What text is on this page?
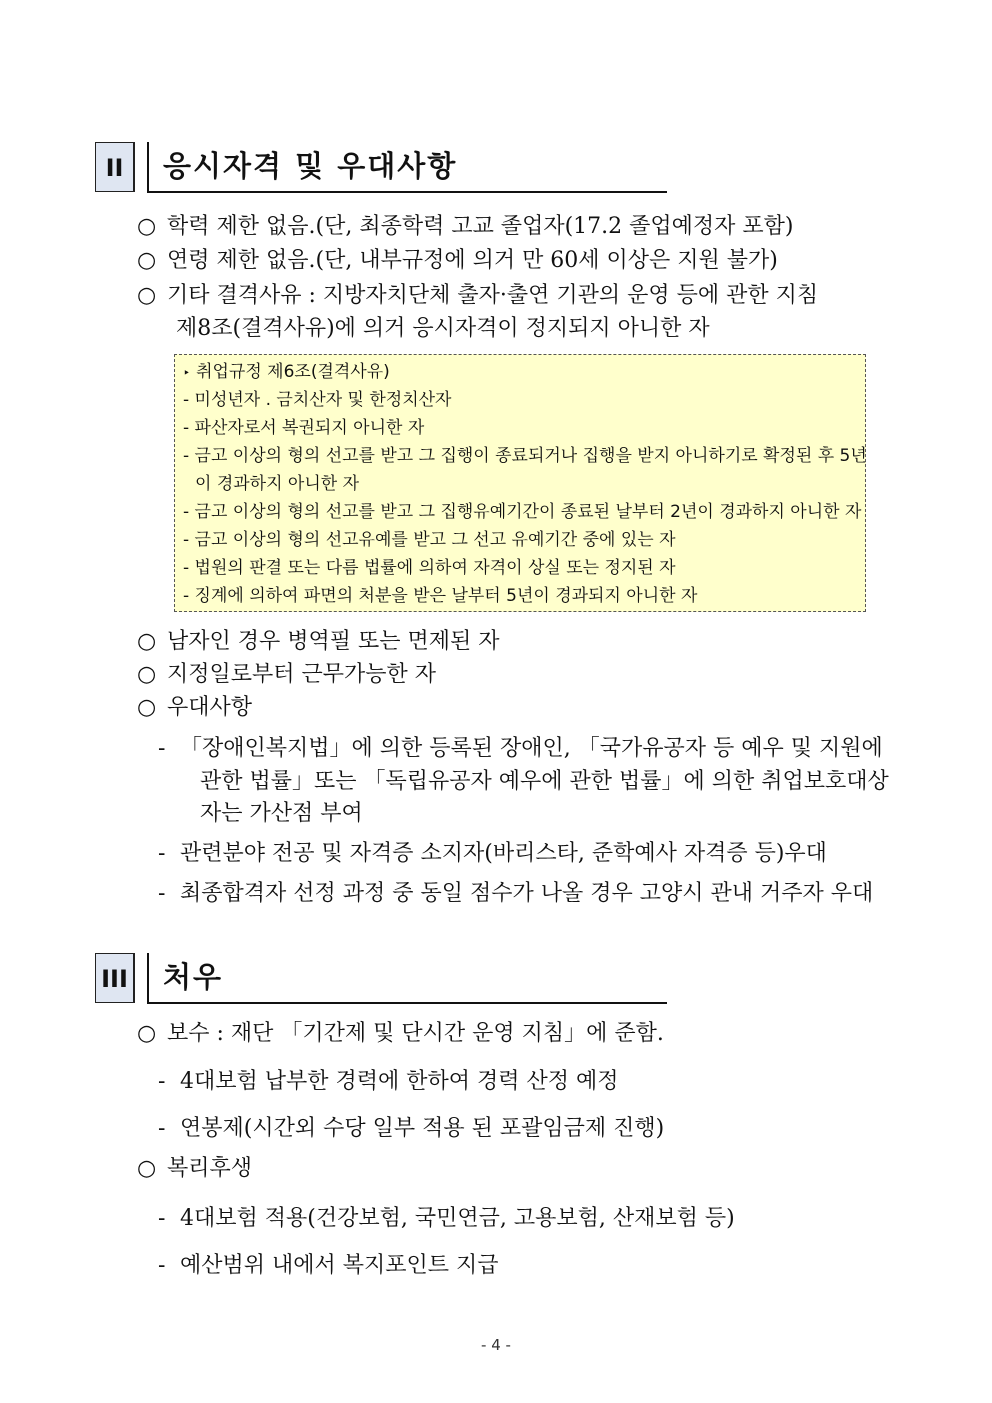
II	응시자격 및 우대사항
○ 학력 제한 없음.(단, 최종학력 고교 졸업자(17.2 졸업예정자 포함)
○ 연령 제한 없음.(단, 내부규정에 의거 만 60세 이상은 지원 불가)
○ 기타 결격사유 : 지방자치단체 출자·출연 기관의 운영 등에 관한 지침
제8조(결격사유)에 의거 응시자격이 정지되지 아니한 자
‣ 취업규정 제6조(결격사유)
- 미성년자 . 금치산자 및 한정치산자
- 파산자로서 복권되지 아니한 자
- 금고 이상의 형의 선고를 받고 그 집행이 종료되거나 집행을 받지 아니하기로 확정된 후 5년
이 경과하지 아니한 자
- 금고 이상의 형의 선고를 받고 그 집행유예기간이 종료된 날부터 2년이 경과하지 아니한 자
- 금고 이상의 형의 선고유예를 받고 그 선고 유예기간 중에 있는 자
- 법원의 판결 또는 다름 법률에 의하여 자격이 상실 또는 정지된 자
- 징계에 의하여 파면의 처분을 받은 날부터 5년이 경과되지 아니한 자
○ 남자인 경우 병역필 또는 면제된 자
○ 지정일로부터 근무가능한 자
○ 우대사항
- 「장애인복지법」에 의한 등록된 장애인, 「국가유공자 등 예우 및 지원에
관한 법률」또는 「독립유공자 예우에 관한 법률」에 의한 취업보호대상
자는 가산점 부여
- 관련분야 전공 및 자격증 소지자(바리스타, 준학예사 자격증 등)우대
- 최종합격자 선정 과정 중 동일 점수가 나올 경우 고양시 관내 거주자 우대
III 처우
○ 보수 : 재단 「기간제 및 단시간 운영 지침」에 준함.
- 4대보험 납부한 경력에 한하여 경력 산정 예정
- 연봉제(시간외 수당 일부 적용 된 포괄임금제 진행)
○ 복리후생
- 4대보험 적용(건강보험, 국민연금, 고용보험, 산재보험 등)
- 예산범위 내에서 복지포인트 지급
- 4 -
